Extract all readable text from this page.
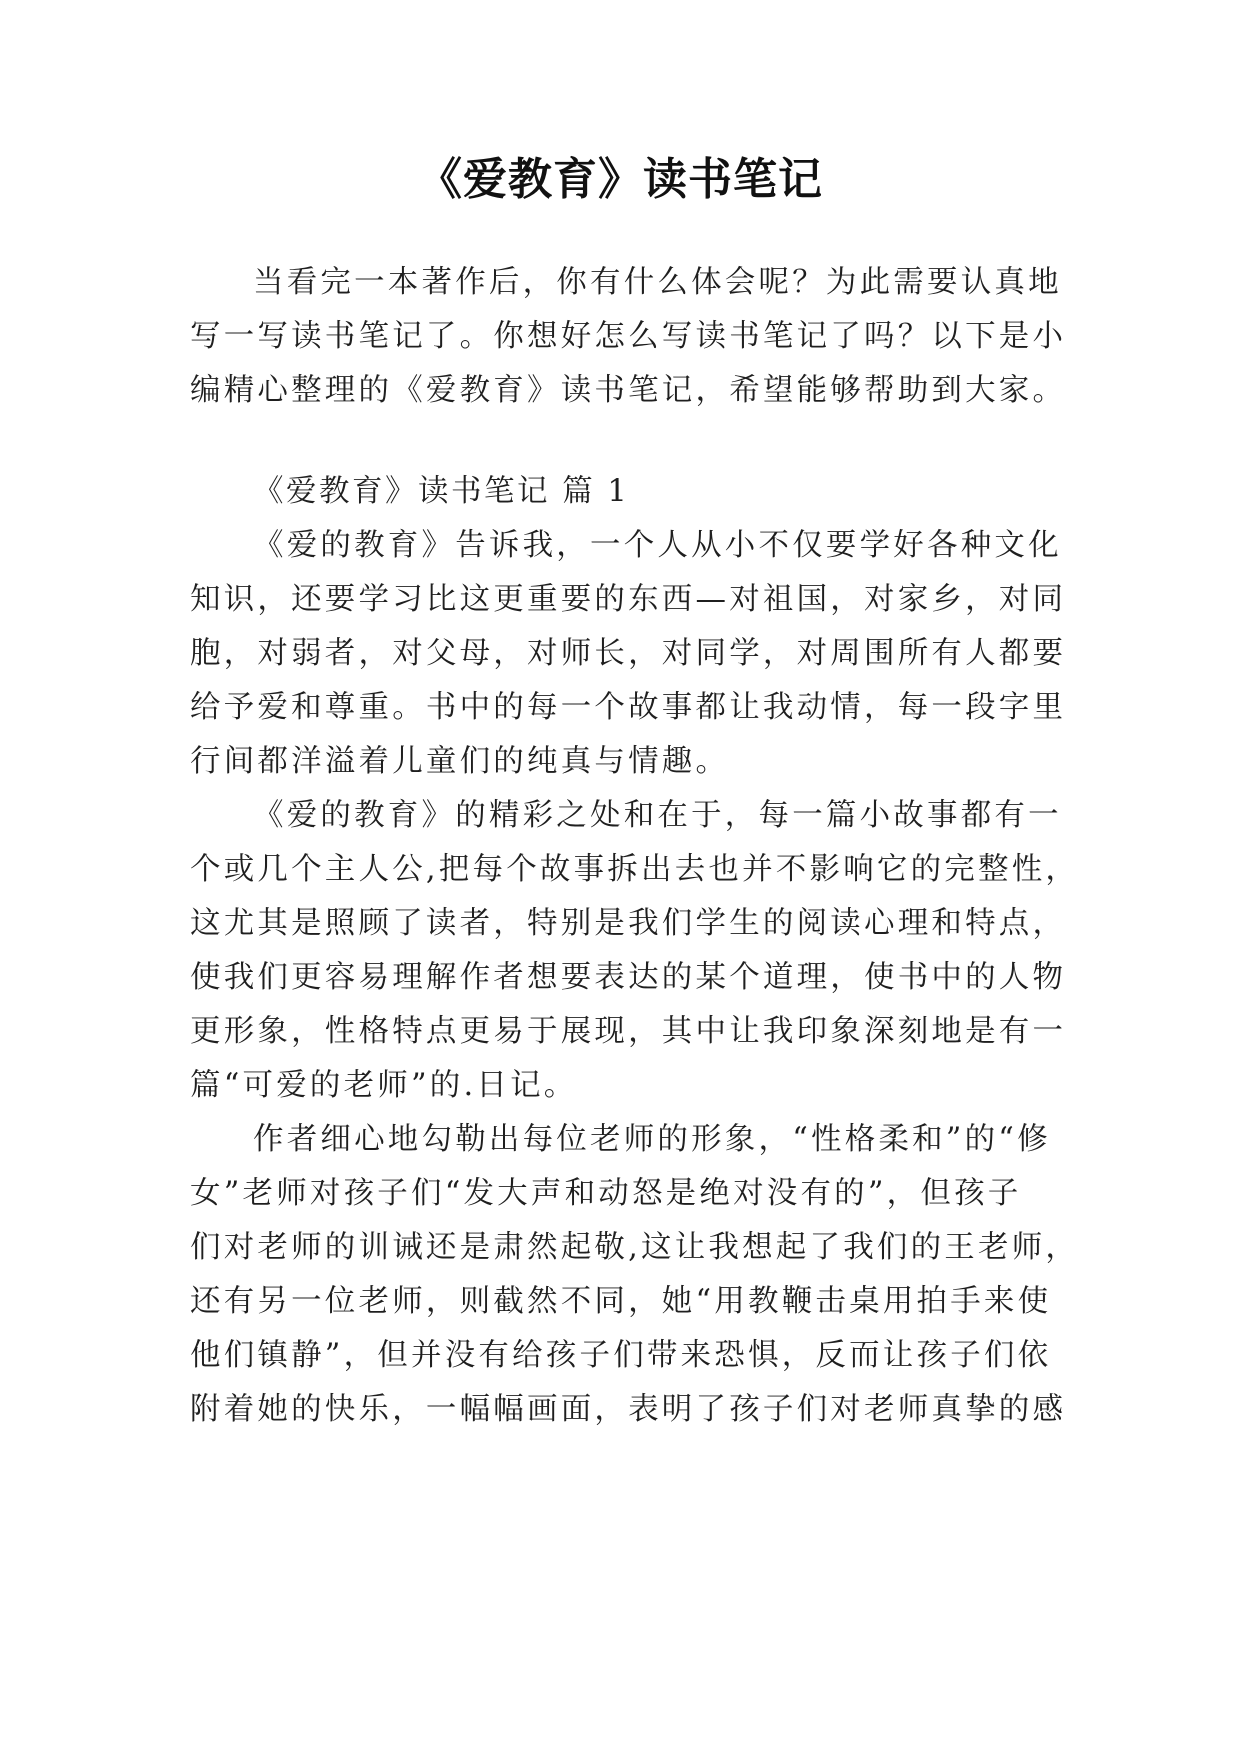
《爱教育》读书笔记
当看完一本著作后，你有什么体会呢？为此需要认真地
写一写读书笔记了。你想好怎么写读书笔记了吗？以下是小
编精心整理的《爱教育》读书笔记，希望能够帮助到大家。
《爱教育》读书笔记 篇 1
《爱的教育》告诉我，一个人从小不仅要学好各种文化
知识，还要学习比这更重要的东西—对祖国，对家乡，对同
胞，对弱者，对父母，对师长，对同学，对周围所有人都要
给予爱和尊重。书中的每一个故事都让我动情，每一段字里
行间都洋溢着儿童们的纯真与情趣。
《爱的教育》的精彩之处和在于，每一篇小故事都有一
个或几个主人公,把每个故事拆出去也并不影响它的完整性，
这尤其是照顾了读者，特别是我们学生的阅读心理和特点，
使我们更容易理解作者想要表达的某个道理，使书中的人物
更形象，性格特点更易于展现，其中让我印象深刻地是有一
篇“可爱的老师”的.日记。
作者细心地勾勒出每位老师的形象，“性格柔和”的“修
女”老师对孩子们“发大声和动怒是绝对没有的”，但孩子
们对老师的训诫还是肃然起敬,这让我想起了我们的王老师，
还有另一位老师，则截然不同，她“用教鞭击桌用拍手来使
他们镇静”，但并没有给孩子们带来恐惧，反而让孩子们依
附着她的快乐，一幅幅画面，表明了孩子们对老师真挚的感
